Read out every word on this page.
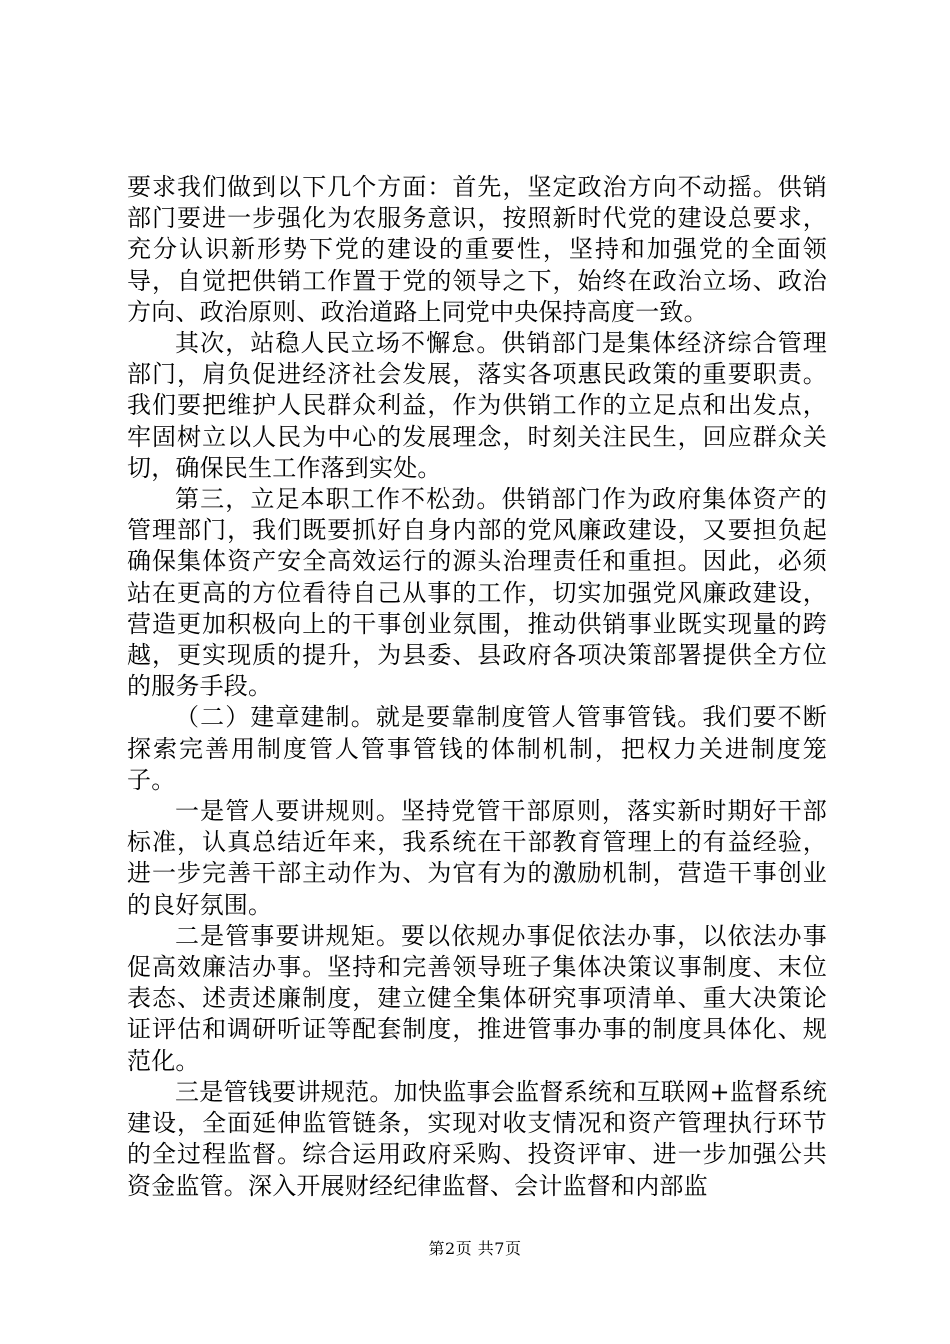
要求我们做到以下几个方面：首先，坚定政治方向不动摇。供销部门要进一步强化为农服务意识，按照新时代党的建设总要求，充分认识新形势下党的建设的重要性，坚持和加强党的全面领导，自觉把供销工作置于党的领导之下，始终在政治立场、政治方向、政治原则、政治道路上同党中央保持高度一致。

其次，站稳人民立场不懈怠。供销部门是集体经济综合管理部门，肩负促进经济社会发展，落实各项惠民政策的重要职责。我们要把维护人民群众利益，作为供销工作的立足点和出发点，牢固树立以人民为中心的发展理念，时刻关注民生，回应群众关切，确保民生工作落到实处。

第三，立足本职工作不松劲。供销部门作为政府集体资产的管理部门，我们既要抓好自身内部的党风廉政建设，又要担负起确保集体资产安全高效运行的源头治理责任和重担。因此，必须站在更高的方位看待自己从事的工作，切实加强党风廉政建设，营造更加积极向上的干事创业氛围，推动供销事业既实现量的跨越，更实现质的提升，为县委、县政府各项决策部署提供全方位的服务手段。

（二）建章建制。就是要靠制度管人管事管钱。我们要不断探索完善用制度管人管事管钱的体制机制，把权力关进制度笼子。

一是管人要讲规则。坚持党管干部原则，落实新时期好干部标准，认真总结近年来，我系统在干部教育管理上的有益经验，进一步完善干部主动作为、为官有为的激励机制，营造干事创业的良好氛围。

二是管事要讲规矩。要以依规办事促依法办事，以依法办事促高效廉洁办事。坚持和完善领导班子集体决策议事制度、末位表态、述责述廉制度，建立健全集体研究事项清单、重大决策论证评估和调研听证等配套制度，推进管事办事的制度具体化、规范化。

三是管钱要讲规范。加快监事会监督系统和互联网+监督系统建设，全面延伸监管链条，实现对收支情况和资产管理执行环节的全过程监督。综合运用政府采购、投资评审、进一步加强公共资金监管。深入开展财经纪律监督、会计监督和内部监

第2页 共7页
